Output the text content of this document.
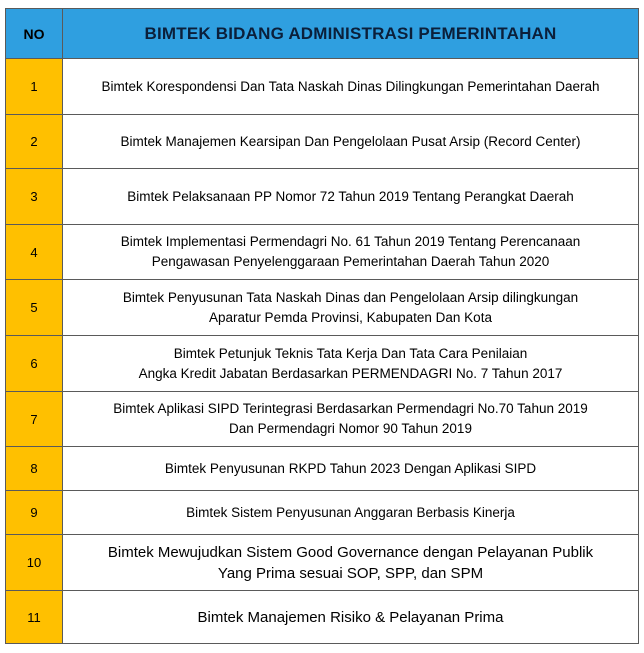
NO	BIMTEK BIDANG ADMINISTRASI PEMERINTAHAN
1	Bimtek Korespondensi Dan Tata Naskah Dinas Dilingkungan Pemerintahan Daerah

2	Bimtek Manajemen Kearsipan Dan Pengelolaan Pusat Arsip (Record Center)

3	Bimtek Pelaksanaan PP Nomor 72 Tahun 2019 Tentang Perangkat Daerah

4	Bimtek Implementasi Permendagri No. 61 Tahun 2019 Tentang Perencanaan
Pengawasan Penyelenggaraan Pemerintahan Daerah Tahun 2020

5	Bimtek Penyusunan Tata Naskah Dinas dan Pengelolaan Arsip dilingkungan
Aparatur Pemda Provinsi, Kabupaten Dan Kota

6	Bimtek Petunjuk Teknis Tata Kerja Dan Tata Cara Penilaian
Angka Kredit Jabatan Berdasarkan PERMENDAGRI No. 7 Tahun 2017

7	Bimtek Aplikasi SIPD Terintegrasi Berdasarkan Permendagri No.70 Tahun 2019
Dan Permendagri Nomor 90 Tahun 2019

8	Bimtek Penyusunan RKPD Tahun 2023 Dengan Aplikasi SIPD

9	Bimtek Sistem Penyusunan Anggaran Berbasis Kinerja

10	Bimtek Mewujudkan Sistem Good Governance dengan Pelayanan Publik
Yang Prima sesuai SOP, SPP, dan SPM

11	Bimtek Manajemen Risiko & Pelayanan Prima
